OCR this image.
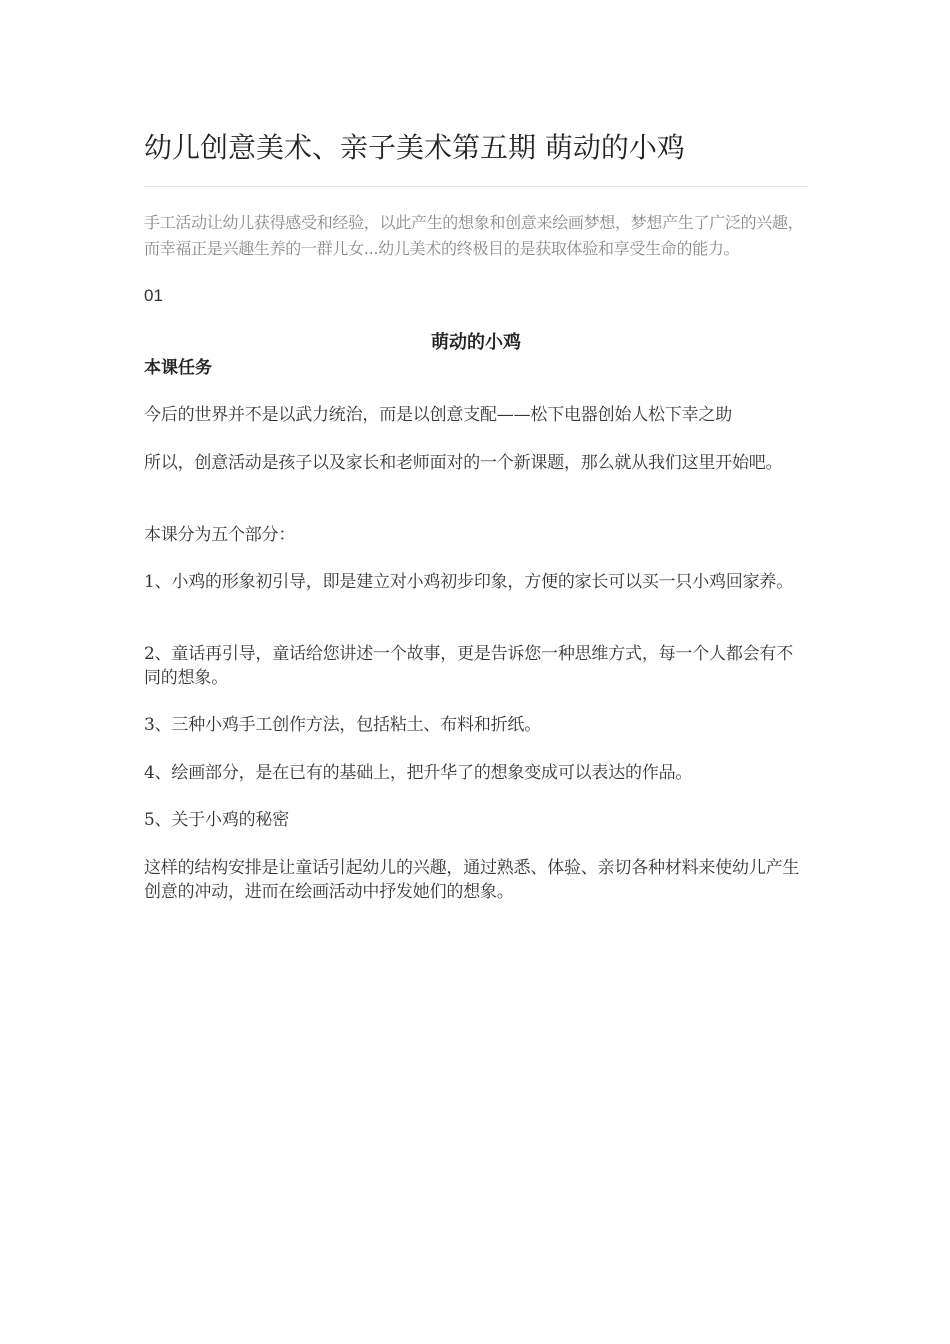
幼儿创意美术、亲子美术第五期 萌动的小鸡

手工活动让幼儿获得感受和经验，以此产生的想象和创意来绘画梦想，梦想产生了广泛的兴趣，而幸福正是兴趣生养的一群儿女...幼儿美术的终极目的是获取体验和享受生命的能力。

01

萌动的小鸡
本课任务

今后的世界并不是以武力统治，而是以创意支配——松下电器创始人松下幸之助

所以，创意活动是孩子以及家长和老师面对的一个新课题，那么就从我们这里开始吧。

本课分为五个部分：

1、小鸡的形象初引导，即是建立对小鸡初步印象，方便的家长可以买一只小鸡回家养。

2、童话再引导，童话给您讲述一个故事，更是告诉您一种思维方式，每一个人都会有不同的想象。

3、三种小鸡手工创作方法，包括粘土、布料和折纸。

4、绘画部分，是在已有的基础上，把升华了的想象变成可以表达的作品。

5、关于小鸡的秘密

这样的结构安排是让童话引起幼儿的兴趣，通过熟悉、体验、亲切各种材料来使幼儿产生创意的冲动，进而在绘画活动中抒发她们的想象。
